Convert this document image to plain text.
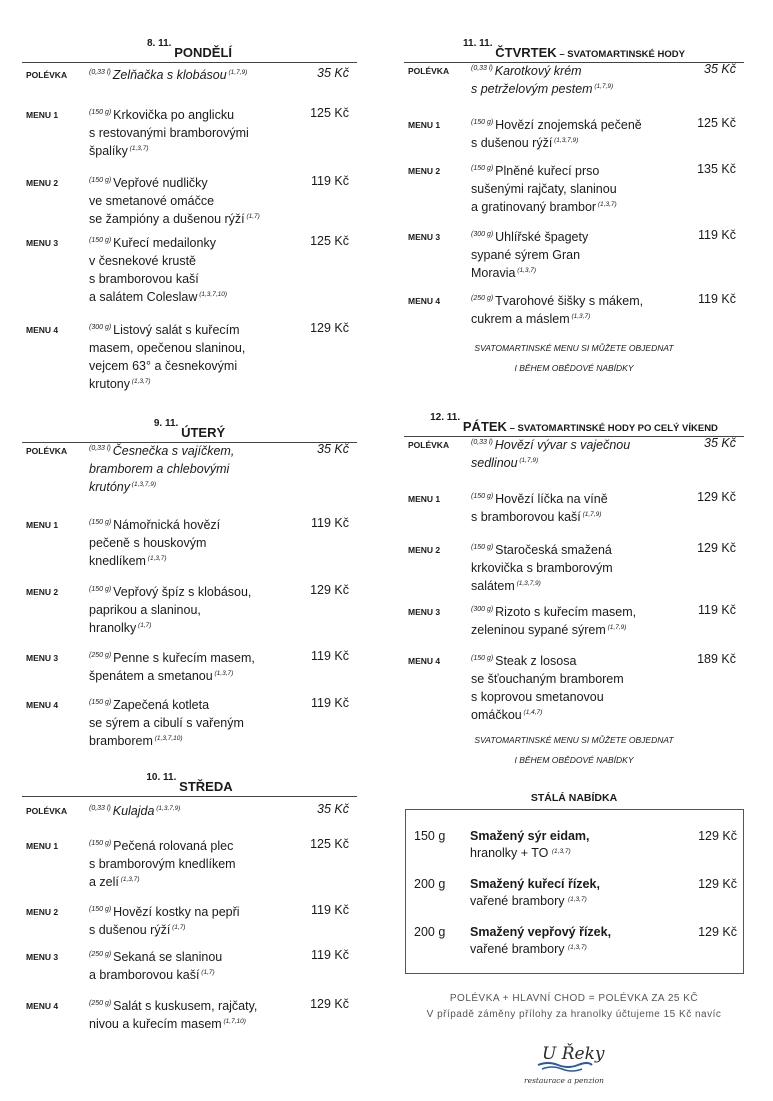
$^{8. 11.}$ $_{PONDĚLÍ}$
POLÉVKA	$^{(0,33 l)}$ Zelňačka s klobásou $^{(1,7,9)}$	35 Kč
MENU 1	$^{(150 g)}$ Krkovička po anglicku
s restovanými bramborovými
špalíky $^{(1,3,7)}$
125 Kč
MENU 2	$^{(150 g)}$ Vepřové nudličky
ve smetanové omáčce
se žampióny a dušenou rýží $^{(1,7)}$
119 Kč
MENU 3	$^{(150 g)}$ Kuřecí medailonky
v česnekové krustě
s bramborovou kaší
a salátem Coleslaw $^{(1,3,7,10)}$
125 Kč
MENU 4	$^{(300 g)}$ Listový salát s kuřecím
masem, opečenou slaninou,
vejcem 63° a česnekovými
krutony $^{(1,3,7)}$
129 Kč
$^{9. 11.}$ $_{ÚTERÝ}$
POLÉVKA	$^{(0,33 l)}$ Česnečka s vajíčkem,
bramborem a chlebovými
krutóny $^{(1,3,7,9)}$
35 Kč
MENU 1	$^{(150 g)}$ Námořnická hovězí
pečeně s houskovým
knedlíkem $^{(1,3,7)}$
119 Kč
MENU 2	$^{(150 g)}$ Vepřový špíz s klobásou,
paprikou a slaninou,
hranolky $^{(1,7)}$
129 Kč
MENU 3	$^{(250 g)}$ Penne s kuřecím masem,
špenátem a smetanou $^{(1,3,7)}$
119 Kč
MENU 4	$^{(150 g)}$ Zapečená kotleta
se sýrem a cibulí s vařeným
bramborem $^{(1,3,7,10)}$
119 Kč
$^{10. 11.}$ $_{STŘEDA}$
POLÉVKA	$^{(0,33 l)}$ Kulajda $^{(1,3,7,9)}$	35 Kč
MENU 1	$^{(150 g)}$ Pečená rolovaná plec
s bramborovým knedlíkem
a zelí $^{(1,3,7)}$
125 Kč
MENU 2	$^{(150 g)}$ Hovězí kostky na pepři
s dušenou rýží $^{(1,7)}$
119 Kč
MENU 3	$^{(250 g)}$ Sekaná se slaninou
a bramborovou kaší $^{(1,7)}$
119 Kč
MENU 4	$^{(250 g)}$ Salát s kuskusem, rajčaty,
nivou a kuřecím masem $^{(1,7,10)}$
129 Kč
$^{11. 11.}$ $_{ČTVRTEK}$ $_{- SVATOMARTINSKÉ HODY}$
POLÉVKA	$^{(0,33 l)}$ Karotkový krém
s petrželovým pestem $^{(1,7,9)}$
35 Kč
MENU 1	$^{(150 g)}$ Hovězí znojemská pečeně
s dušenou rýží $^{(1,3,7,9)}$
125 Kč
MENU 2	$^{(150 g)}$ Plněné kuřecí prso
sušenými rajčaty, slaninou
a gratinovaný brambor $^{(1,3,7)}$
135 Kč
MENU 3	$^{(300 g)}$ Uhlířské špagety
sypané sýrem Gran
Moravia $^{(1,3,7)}$
119 Kč
MENU 4	$^{(250 g)}$ Tvarohové šišky s mákem,
cukrem a máslem $^{(1,3,7)}$
119 Kč
SVATOMARTINSKÉ MENU SI MŮŽETE OBJEDNAT
I BĚHEM OBĚDOVÉ NABÍDKY
$^{12. 11.}$ $_{PÁTEK}$ $_{- SVATOMARTINSKÉ HODY PO CELÝ VÍKEND}$
POLÉVKA	$^{(0,33 l)}$ Hovězí vývar s vaječnou
sedlinou $^{(1,7,9)}$
35 Kč
MENU 1	$^{(150 g)}$ Hovězí líčka na víně
s bramborovou kaší $^{(1,7,9)}$
129 Kč
MENU 2	$^{(150 g)}$ Staročeská smažená
krkovička s bramborovým
salátem $^{(1,3,7,9)}$
129 Kč
MENU 3	$^{(300 g)}$ Rizoto s kuřecím masem,
zeleninou sypané sýrem $^{(1,7,9)}$
119 Kč
MENU 4	$^{(150 g)}$ Steak z lososa
se šťouchaným bramborem
s koprovou smetanovou
omáčkou $^{(1,4,7)}$
189 Kč
SVATOMARTINSKÉ MENU SI MŮŽETE OBJEDNAT
I BĚHEM OBĚDOVÉ NABÍDKY
STÁLÁ NABÍDKA
150 g Smažený sýr eidam,
hranolky + TO $^{(1,3,7)}$
129 Kč
200 g Smažený kuřecí řízek,
vařené brambory $^{(1,3,7)}$
129 Kč
200 g Smažený vepřový řízek,
vařené brambory $^{(1,3,7)}$
129 Kč
POLÉVKA + HLAVNÍ CHOD = POLÉVKA ZA 25 KČ
V případě záměny přílohy za hranolky účtujeme 15 Kč navíc
U Řeky
restaurace a penzion
